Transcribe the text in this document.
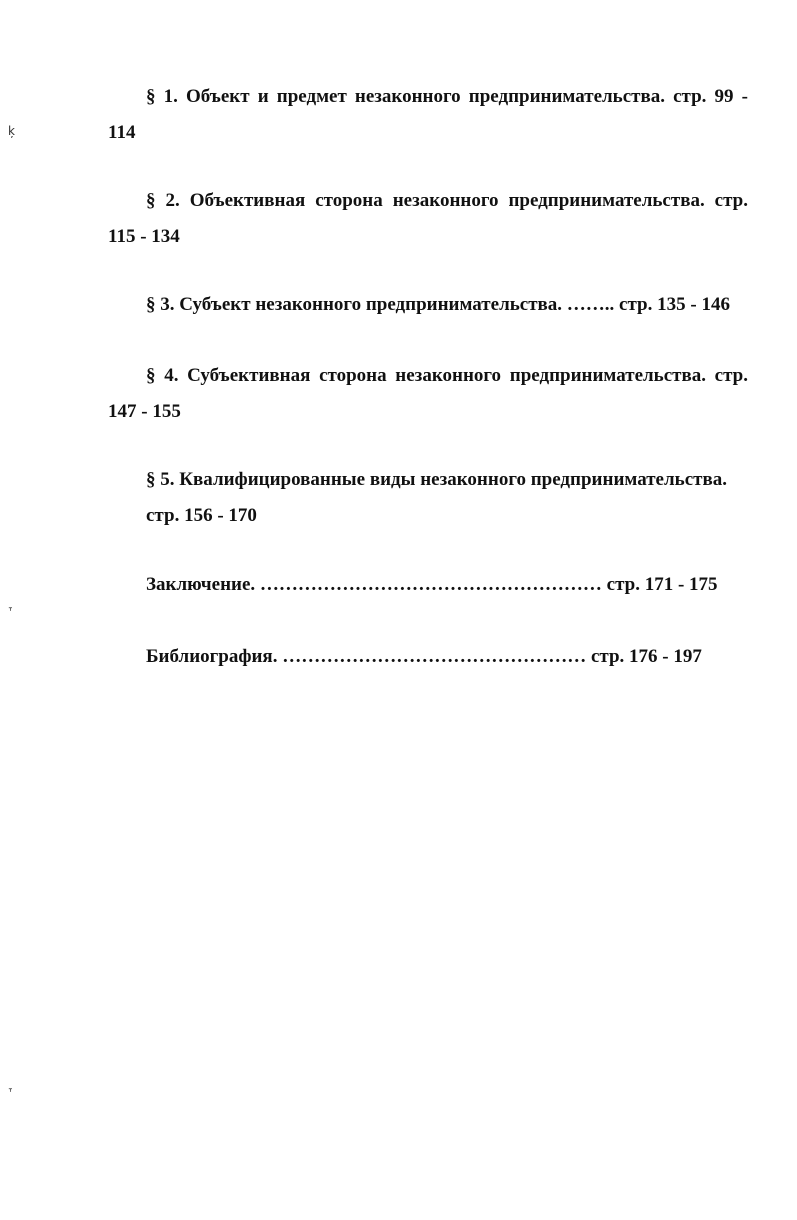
§ 1. Объект и предмет незаконного предпринимательства. стр. 99 -
114
§ 2. Объективная сторона незаконного предпринимательства. стр.
115 - 134
§ 3. Субъект незаконного предпринимательства. …….. стр. 135 - 146
§ 4. Субъективная сторона незаконного предпринимательства. стр.
147 - 155
§ 5. Квалифицированные виды незаконного предпринимательства.
стр. 156 - 170
Заключение. ……………………………………………… стр. 171 - 175
Библиография. ………………………………………… стр. 176 - 197
ķ
ᐪ
ᐪ
